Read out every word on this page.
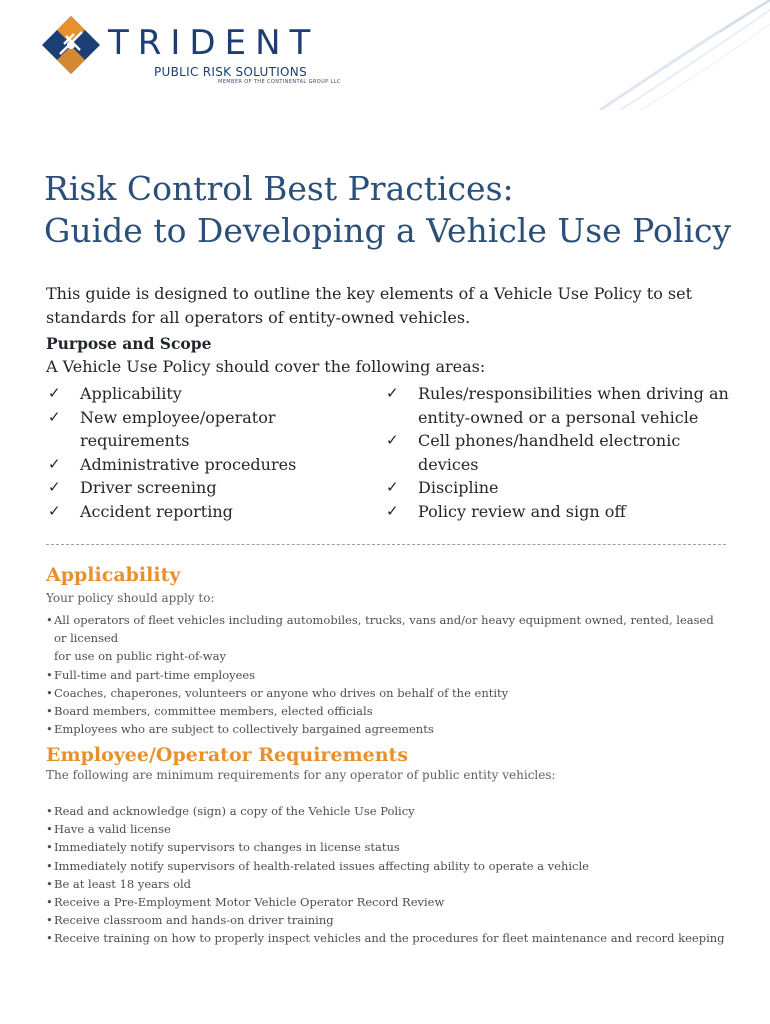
TRIDENT
PUBLIC RISK SOLUTIONS
MEMBER OF THE CONTINENTAL GROUP LLC
Risk Control Best Practices:
Guide to Developing a Vehicle Use Policy
This guide is designed to outline the key elements of a Vehicle Use Policy to set standards for all operators of entity-owned vehicles.
Purpose and Scope
A Vehicle Use Policy should cover the following areas:
✓ Applicability
✓ New employee/operator requirements
✓ Administrative procedures
✓ Driver screening
✓ Accident reporting
✓ Rules/responsibilities when driving an entity-owned or a personal vehicle
✓ Cell phones/handheld electronic devices
✓ Discipline
✓ Policy review and sign off
Applicability
Your policy should apply to:
• All operators of fleet vehicles including automobiles, trucks, vans and/or heavy equipment owned, rented, leased or licensed
for use on public right-of-way
• Full-time and part-time employees
• Coaches, chaperones, volunteers or anyone who drives on behalf of the entity
• Board members, committee members, elected officials
• Employees who are subject to collectively bargained agreements
Employee/Operator Requirements
The following are minimum requirements for any operator of public entity vehicles:
• Read and acknowledge (sign) a copy of the Vehicle Use Policy
• Have a valid license
• Immediately notify supervisors to changes in license status
• Immediately notify supervisors of health-related issues affecting ability to operate a vehicle
• Be at least 18 years old
• Receive a Pre-Employment Motor Vehicle Operator Record Review
• Receive classroom and hands-on driver training
• Receive training on how to properly inspect vehicles and the procedures for fleet maintenance and record keeping
